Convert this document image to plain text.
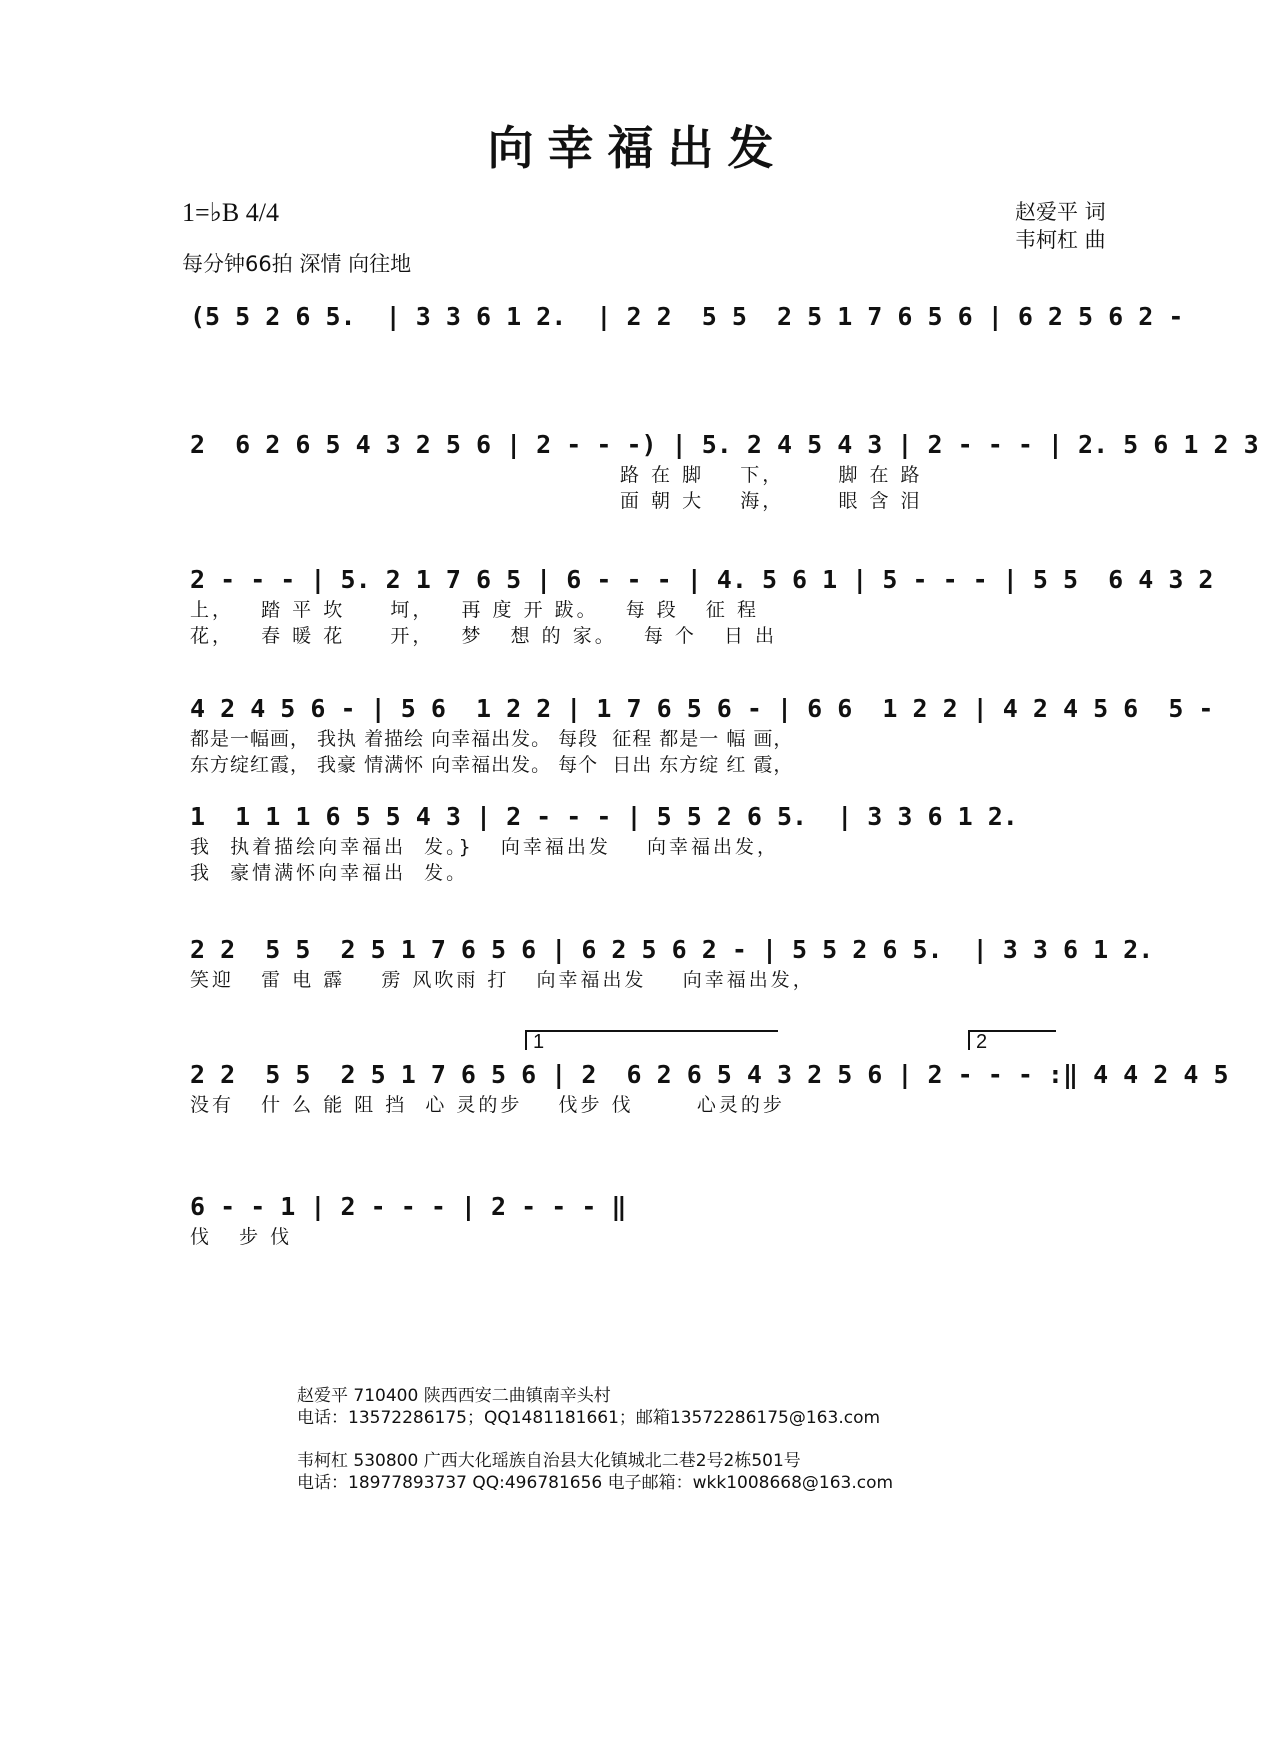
向幸福出发
1=♭B 4/4
每分钟66拍 深情 向往地
赵爱平 词
韦柯杠 曲
(5 5 2 6 5.  | 3 3 6 1 2.  | 2 2  5 5  2 5 1 7 6 5 6 | 6 2 5 6 2 -
2  6 2 6 5 4 3 2 5 6 | 2 - - -) | 5. 2 4 5 4 3 | 2 - - - | 2. 5 6 1 2 3
路 在 脚    下，      脚 在 路
面 朝 大    海，      眼 含 泪
2 - - - | 5. 2 1 7 6 5 | 6 - - - | 4. 5 6 1 | 5 - - - | 5 5  6 4 3 2
上，   踏 平 坎     坷，   再 度 开 跋。   每 段   征 程
花，   春 暖 花     开，   梦   想 的 家。   每 个   日 出
4 2 4 5 6 - | 5 6  1 2 2 | 1 7 6 5 6 - | 6 6  1 2 2 | 4 2 4 5 6  5 -
都是一幅画， 我执 着描绘 向幸福出发。 每段  征程 都是一 幅 画，
东方绽红霞， 我豪 情满怀 向幸福出发。 每个  日出 东方绽 红 霞，
1  1 1 1 6 5 5 4 3 | 2 - - - | 5 5 2 6 5.  | 3 3 6 1 2.
我  执着描绘向幸福出  发。}   向幸福出发    向幸福出发，
我  豪情满怀向幸福出  发。
2 2  5 5  2 5 1 7 6 5 6 | 6 2 5 6 2 - | 5 5 2 6 5.  | 3 3 6 1 2.
笑迎   雷 电 霹    雳 风吹雨 打   向幸福出发    向幸福出发，
1	2
2 2  5 5  2 5 1 7 6 5 6 | 2  6 2 6 5 4 3 2 5 6 | 2 - - - :‖ 4 4 2 4 5
没有   什 么 能 阻 挡  心 灵的步    伐步 伐       心灵的步
6 - - 1 | 2 - - - | 2 - - - ‖
伐   步 伐
赵爱平 710400 陕西西安二曲镇南辛头村
电话：13572286175；QQ1481181661；邮箱13572286175@163.com
韦柯杠 530800 广西大化瑶族自治县大化镇城北二巷2号2栋501号
电话：18977893737 QQ:496781656 电子邮箱：wkk1008668@163.com
